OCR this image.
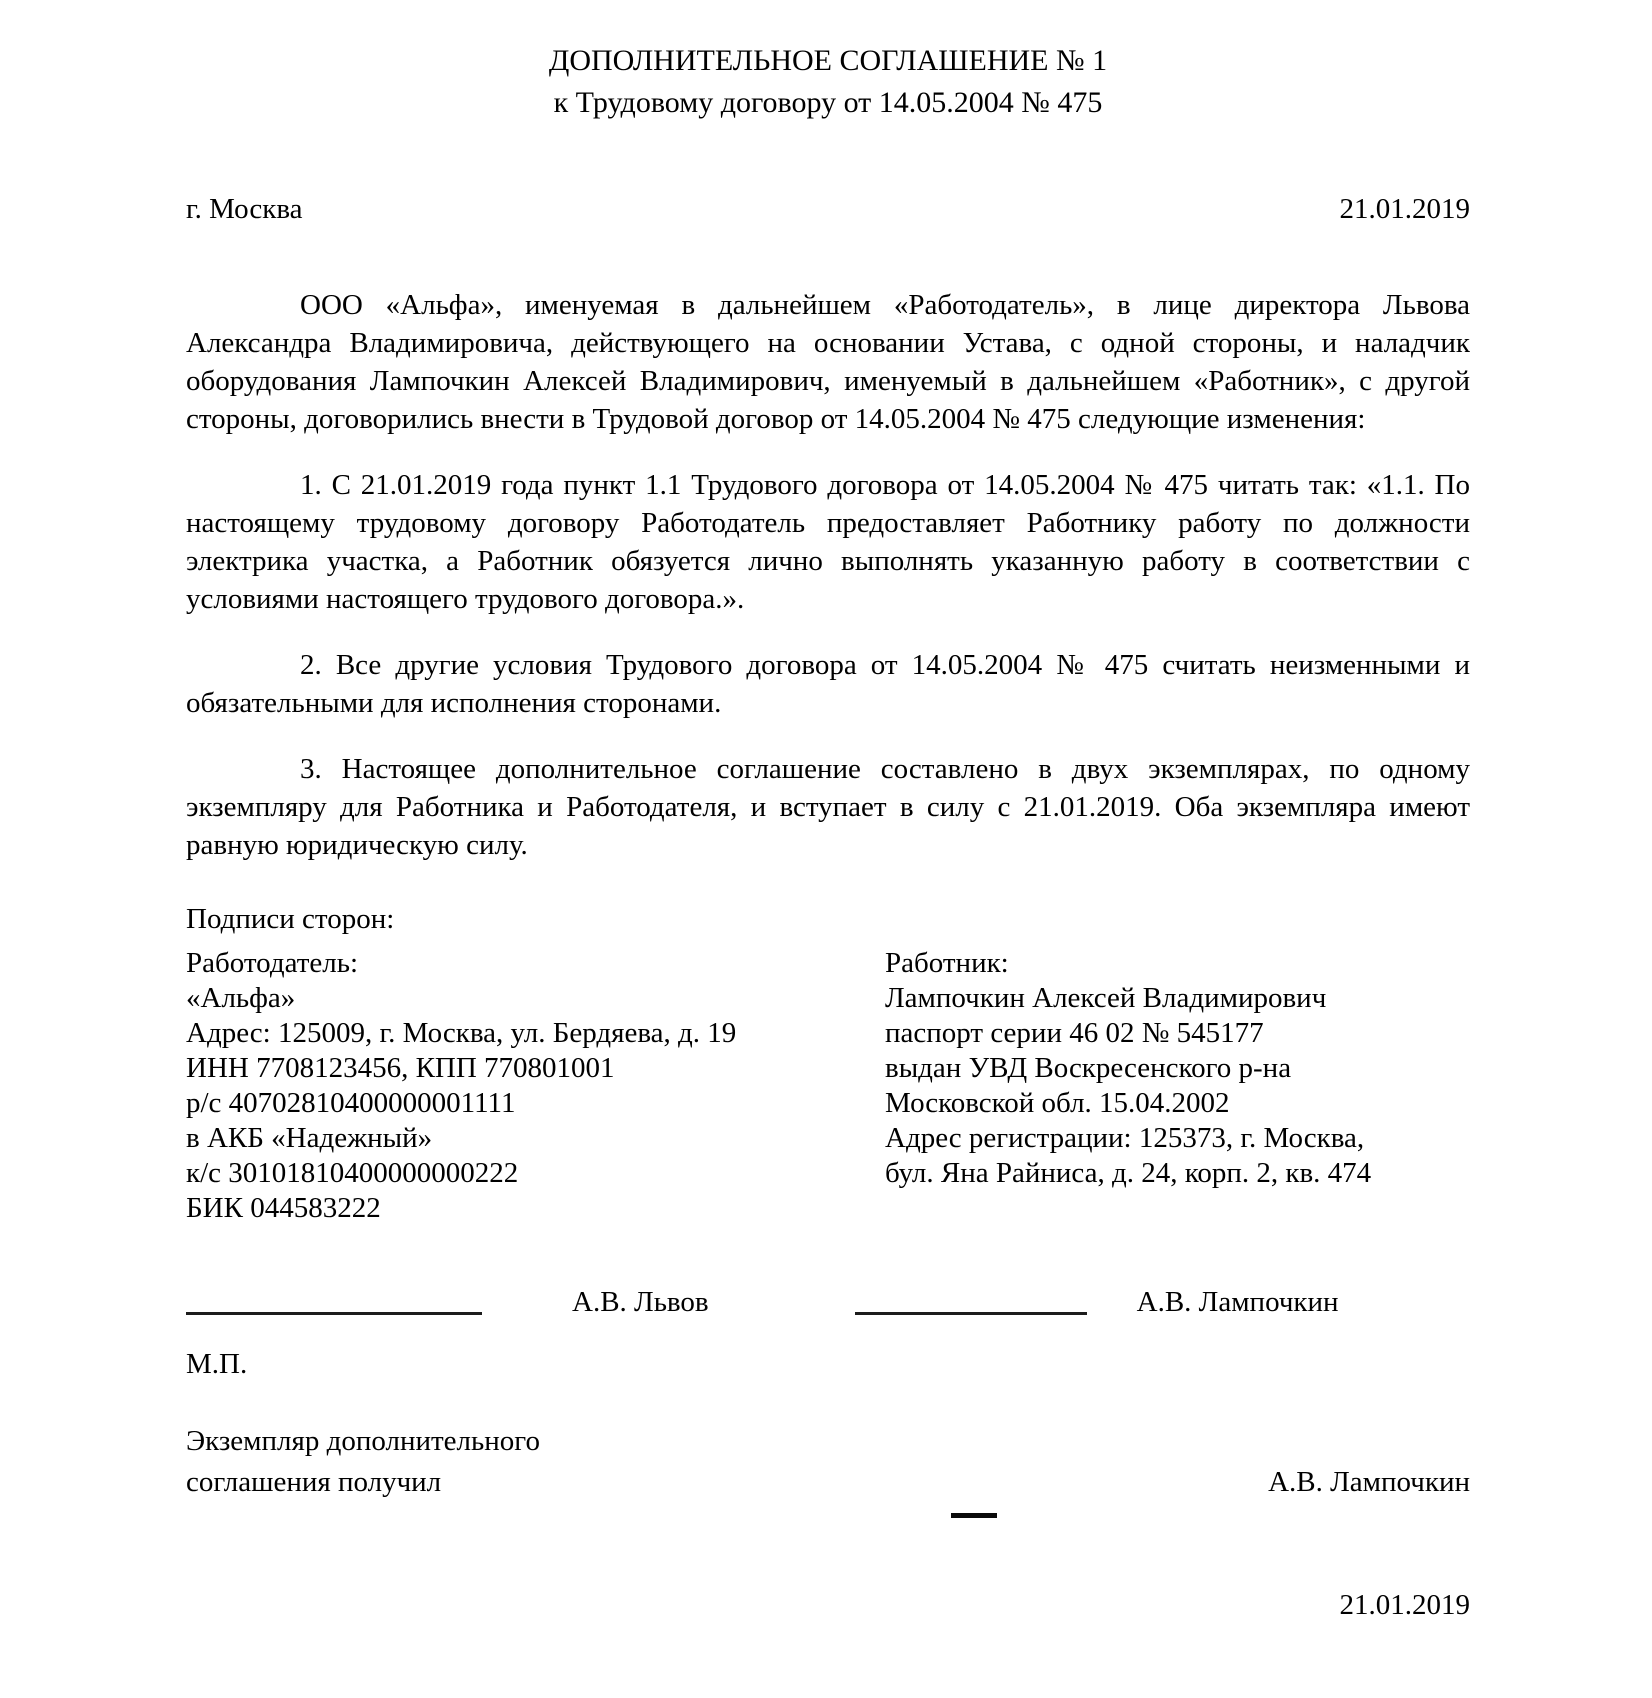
ДОПОЛНИТЕЛЬНОЕ СОГЛАШЕНИЕ № 1
к Трудовому договору от 14.05.2004 № 475
г. Москва	21.01.2019

ООО «Альфа», именуемая в дальнейшем «Работодатель», в лице директора Львова Александра Владимировича, действующего на основании Устава, с одной стороны, и наладчик оборудования Лампочкин Алексей Владимирович, именуемый в дальнейшем «Работник», с другой стороны, договорились внести в Трудовой договор от 14.05.2004 № 475 следующие изменения:

1. С 21.01.2019 года пункт 1.1 Трудового договора от 14.05.2004 № 475 читать так: «1.1. По настоящему трудовому договору Работодатель предоставляет Работнику работу по должности электрика участка, а Работник обязуется лично выполнять указанную работу в соответствии с условиями настоящего трудового договора.».

2. Все другие условия Трудового договора от 14.05.2004 № 475 считать неизменными и обязательными для исполнения сторонами.

3. Настоящее дополнительное соглашение составлено в двух экземплярах, по одному экземпляру для Работника и Работодателя, и вступает в силу с 21.01.2019. Оба экземпляра имеют равную юридическую силу.

Подписи сторон:
Работодатель:
«Альфа»
Адрес: 125009, г. Москва, ул. Бердяева, д. 19
ИНН 7708123456, КПП 770801001
р/с 40702810400000001111
в АКБ «Надежный»
к/с 30101810400000000222
БИК 044583222
Работник:
Лампочкин Алексей Владимирович
паспорт серии 46 02 № 545177
выдан УВД Воскресенского р-на
Московской обл. 15.04.2002
Адрес регистрации: 125373, г. Москва,
бул. Яна Райниса, д. 24, корп. 2, кв. 474
А.В. Львов	А.В. Лампочкин
М.П.
Экземпляр дополнительного
соглашения получил	А.В. Лампочкин
21.01.2019
